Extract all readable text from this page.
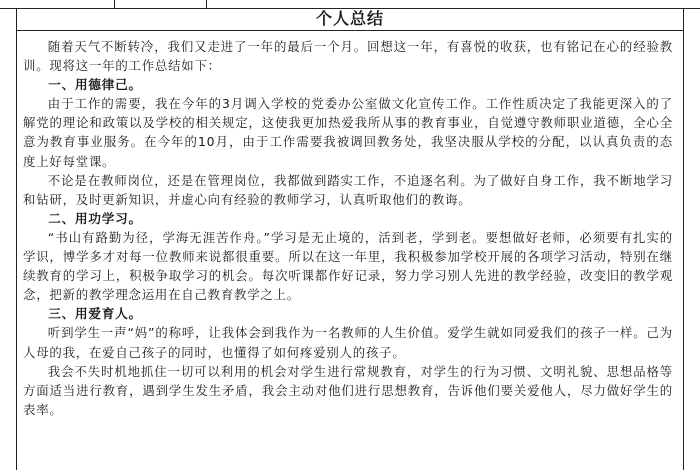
个人总结

随着天气不断转冷，我们又走进了一年的最后一个月。回想这一年，有喜悦的收获，也有铭记在心的经验教训。现将这一年的工作总结如下：

一、用德律己。

由于工作的需要，我在今年的3月调入学校的党委办公室做文化宣传工作。工作性质决定了我能更深入的了解党的理论和政策以及学校的相关规定，这使我更加热爱我所从事的教育事业，自觉遵守教师职业道德，全心全意为教育事业服务。在今年的10月，由于工作需要我被调回教务处，我坚决服从学校的分配，以认真负责的态度上好每堂课。

不论是在教师岗位，还是在管理岗位，我都做到踏实工作，不追逐名利。为了做好自身工作，我不断地学习和钻研，及时更新知识，并虚心向有经验的教师学习，认真听取他们的教诲。

二、用功学习。

“书山有路勤为径，学海无涯苦作舟。”学习是无止境的，活到老，学到老。要想做好老师，必须要有扎实的学识，博学多才对每一位教师来说都很重要。所以在这一年里，我积极参加学校开展的各项学习活动，特别在继续教育的学习上，积极争取学习的机会。每次听课都作好记录，努力学习别人先进的教学经验，改变旧的教学观念，把新的教学理念运用在自己教育教学之上。

三、用爱育人。

听到学生一声“妈”的称呼，让我体会到我作为一名教师的人生价值。爱学生就如同爱我们的孩子一样。己为人母的我，在爱自己孩子的同时，也懂得了如何疼爱别人的孩子。

我会不失时机地抓住一切可以利用的机会对学生进行常规教育，对学生的行为习惯、文明礼貌、思想品格等方面适当进行教育，遇到学生发生矛盾，我会主动对他们进行思想教育，告诉他们要关爱他人，尽力做好学生的表率。
